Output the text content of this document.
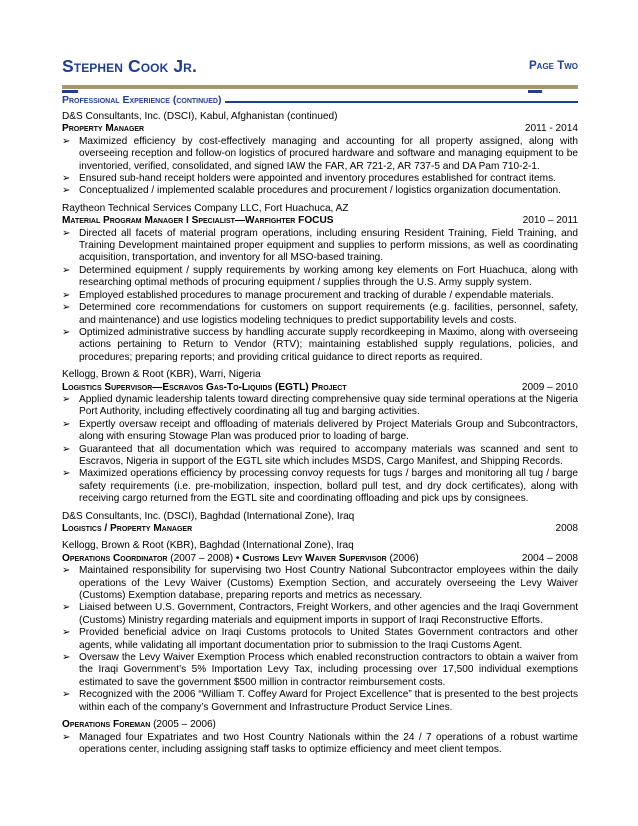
Stephen Cook Jr.	Page Two
Professional Experience (continued)
D&S Consultants, Inc. (DSCI), Kabul, Afghanistan (continued)
Property Manager	2011 - 2014
➢ Maximized efficiency by cost-effectively managing and accounting for all property assigned, along with overseeing reception and follow-on logistics of procured hardware and software and managing equipment to be inventoried, verified, consolidated, and signed IAW the FAR, AR 721-2, AR 737-5 and DA Pam 710-2-1.
➢ Ensured sub-hand receipt holders were appointed and inventory procedures established for contract items.
➢ Conceptualized / implemented scalable procedures and procurement / logistics organization documentation.
Raytheon Technical Services Company LLC, Fort Huachuca, AZ
Material Program Manager I Specialist—Warfighter FOCUS	2010 – 2011
➢ Directed all facets of material program operations, including ensuring Resident Training, Field Training, and Training Development maintained proper equipment and supplies to perform missions, as well as coordinating acquisition, transportation, and inventory for all MSO-based training.
➢ Determined equipment / supply requirements by working among key elements on Fort Huachuca, along with researching optimal methods of procuring equipment / supplies through the U.S. Army supply system.
➢ Employed established procedures to manage procurement and tracking of durable / expendable materials.
➢ Determined core recommendations for customers on support requirements (e.g. facilities, personnel, safety, and maintenance) and use logistics modeling techniques to predict supportability levels and costs.
➢ Optimized administrative success by handling accurate supply recordkeeping in Maximo, along with overseeing actions pertaining to Return to Vendor (RTV); maintaining established supply regulations, policies, and procedures; preparing reports; and providing critical guidance to direct reports as required.
Kellogg, Brown & Root (KBR), Warri, Nigeria
Logistics Supervisor—Escravos Gas-To-Liquids (EGTL) Project	2009 – 2010
➢ Applied dynamic leadership talents toward directing comprehensive quay side terminal operations at the Nigeria Port Authority, including effectively coordinating all tug and barging activities.
➢ Expertly oversaw receipt and offloading of materials delivered by Project Materials Group and Subcontractors, along with ensuring Stowage Plan was produced prior to loading of barge.
➢ Guaranteed that all documentation which was required to accompany materials was scanned and sent to Escravos, Nigeria in support of the EGTL site which includes MSDS, Cargo Manifest, and Shipping Records.
➢ Maximized operations efficiency by processing convoy requests for tugs / barges and monitoring all tug / barge safety requirements (i.e. pre-mobilization, inspection, bollard pull test, and dry dock certificates), along with receiving cargo returned from the EGTL site and coordinating offloading and pick ups by consignees.
D&S Consultants, Inc. (DSCI), Baghdad (International Zone), Iraq
Logistics / Property Manager	2008
Kellogg, Brown & Root (KBR), Baghdad (International Zone), Iraq
Operations Coordinator (2007 – 2008) • Customs Levy Waiver Supervisor (2006)	2004 – 2008
➢ Maintained responsibility for supervising two Host Country National Subcontractor employees within the daily operations of the Levy Waiver (Customs) Exemption Section, and accurately overseeing the Levy Waiver (Customs) Exemption database, preparing reports and metrics as necessary.
➢ Liaised between U.S. Government, Contractors, Freight Workers, and other agencies and the Iraqi Government (Customs) Ministry regarding materials and equipment imports in support of Iraqi Reconstructive Efforts.
➢ Provided beneficial advice on Iraqi Customs protocols to United States Government contractors and other agents, while validating all important documentation prior to submission to the Iraqi Customs Agent.
➢ Oversaw the Levy Waiver Exemption Process which enabled reconstruction contractors to obtain a waiver from the Iraqi Government’s 5% Importation Levy Tax, including processing over 17,500 individual exemptions estimated to save the government $500 million in contractor reimbursement costs.
➢ Recognized with the 2006 “William T. Coffey Award for Project Excellence” that is presented to the best projects within each of the company’s Government and Infrastructure Product Service Lines.
Operations Foreman (2005 – 2006)
➢ Managed four Expatriates and two Host Country Nationals within the 24 / 7 operations of a robust wartime operations center, including assigning staff tasks to optimize efficiency and meet client tempos.
